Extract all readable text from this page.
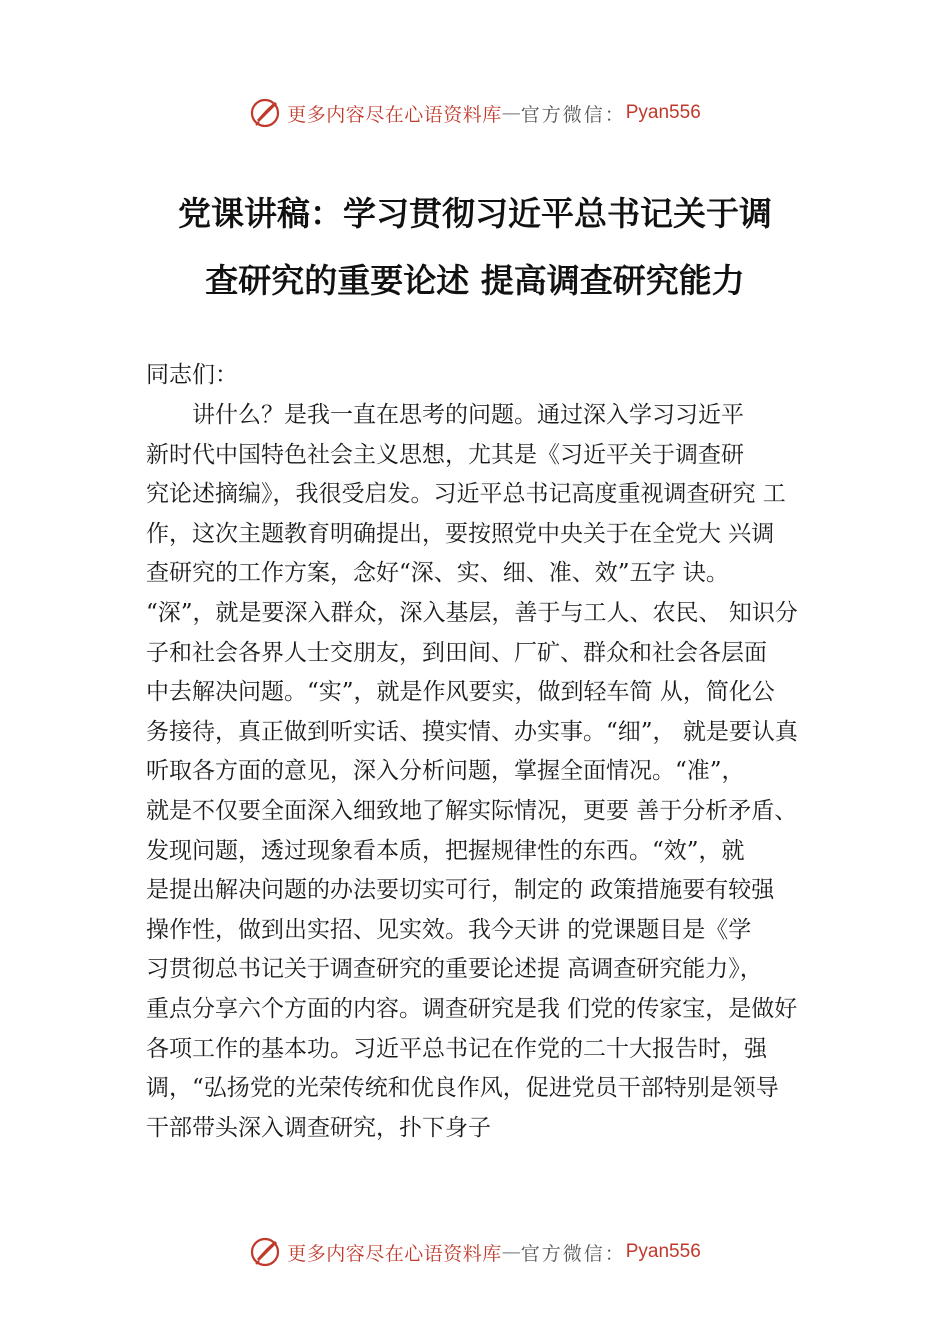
更多内容尽在心语资料库 — 官方微信： Pyan556
党课讲稿：学习贯彻习近平总书记关于调
查研究的重要论述 提高调查研究能力
同志们：
　　讲什么？是我一直在思考的问题。通过深入学习习近平
新时代中国特色社会主义思想，尤其是《习近平关于调查研
究论述摘编》，我很受启发。习近平总书记高度重视调查研究 工
作，这次主题教育明确提出，要按照党中央关于在全党大 兴调
查研究的工作方案，念好“深、实、细、准、效”五字 诀。
“深”，就是要深入群众，深入基层，善于与工人、农民、 知识分
子和社会各界人士交朋友，到田间、厂矿、群众和社会各层面
中去解决问题。“实”，就是作风要实，做到轻车简 从，简化公
务接待，真正做到听实话、摸实情、办实事。“细”， 就是要认真
听取各方面的意见，深入分析问题，掌握全面情况。“准”，
就是不仅要全面深入细致地了解实际情况，更要 善于分析矛盾、
发现问题，透过现象看本质，把握规律性的东西。“效”，就
是提出解决问题的办法要切实可行，制定的 政策措施要有较强
操作性，做到出实招、见实效。我今天讲 的党课题目是《学
习贯彻总书记关于调查研究的重要论述提 高调查研究能力》，
重点分享六个方面的内容。调查研究是我 们党的传家宝，是做好
各项工作的基本功。习近平总书记在作党的二十大报告时，强
调，“弘扬党的光荣传统和优良作风，促进党员干部特别是领导
干部带头深入调查研究，扑下身子
更多内容尽在心语资料库 — 官方微信： Pyan556
